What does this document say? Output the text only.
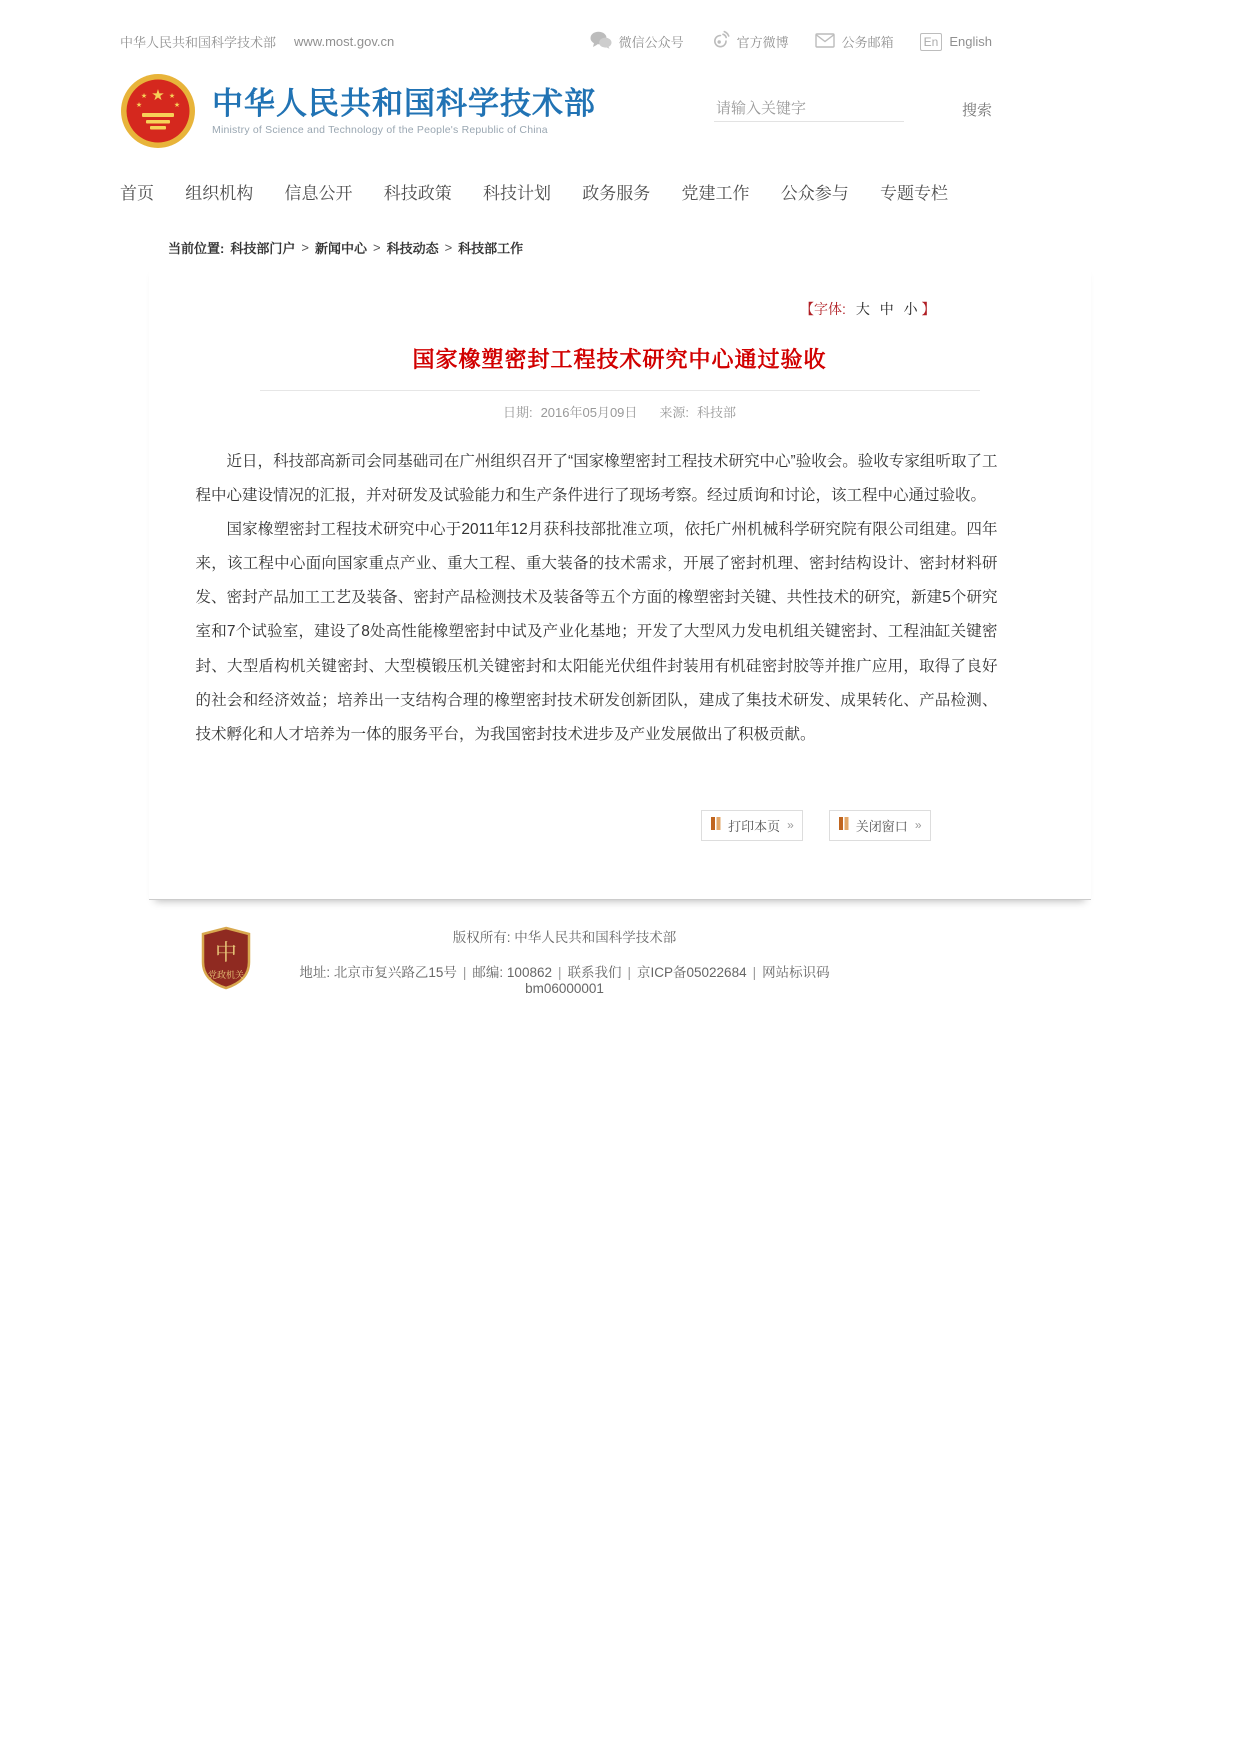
中华人民共和国科学技术部 www.most.gov.cn	微信公众号	官方微博	公务邮箱	En English
★
★	★
★	★ 中华人民共和国科学技术部
Ministry of Science and Technology of the People's Republic of China
请输入关键字
搜索
首页 组织机构 信息公开 科技政策 科技计划 政务服务 党建工作 公众参与 专题专栏
当前位置: 科技部门户 > 新闻中心 > 科技动态 > 科技部工作
【字体: 大 中 小 】
国家橡塑密封工程技术研究中心通过验收
日期: 2016年05月09日 来源: 科技部

近日，科技部高新司会同基础司在广州组织召开了“国家橡塑密封工程技术研究中心”验收会。验收专家组听取了工程中心建设情况的汇报，并对研发及试验能力和生产条件进行了现场考察。经过质询和讨论，该工程中心通过验收。

国家橡塑密封工程技术研究中心于2011年12月获科技部批准立项，依托广州机械科学研究院有限公司组建。四年来，该工程中心面向国家重点产业、重大工程、重大装备的技术需求，开展了密封机理、密封结构设计、密封材料研发、密封产品加工工艺及装备、密封产品检测技术及装备等五个方面的橡塑密封关键、共性技术的研究，新建5个研究室和7个试验室，建设了8处高性能橡塑密封中试及产业化基地；开发了大型风力发电机组关键密封、工程油缸关键密封、大型盾构机关键密封、大型模锻压机关键密封和太阳能光伏组件封装用有机硅密封胶等并推广应用，取得了良好的社会和经济效益；培养出一支结构合理的橡塑密封技术研发创新团队，建成了集技术研发、成果转化、产品检测、技术孵化和人才培养为一体的服务平台，为我国密封技术进步及产业发展做出了积极贡献。

打印本页 »	关闭窗口 »
中
党政机关
版权所有: 中华人民共和国科学技术部
地址: 北京市复兴路乙15号 | 邮编: 100862 | 联系我们 | 京ICP备05022684 | 网站标识码bm06000001
